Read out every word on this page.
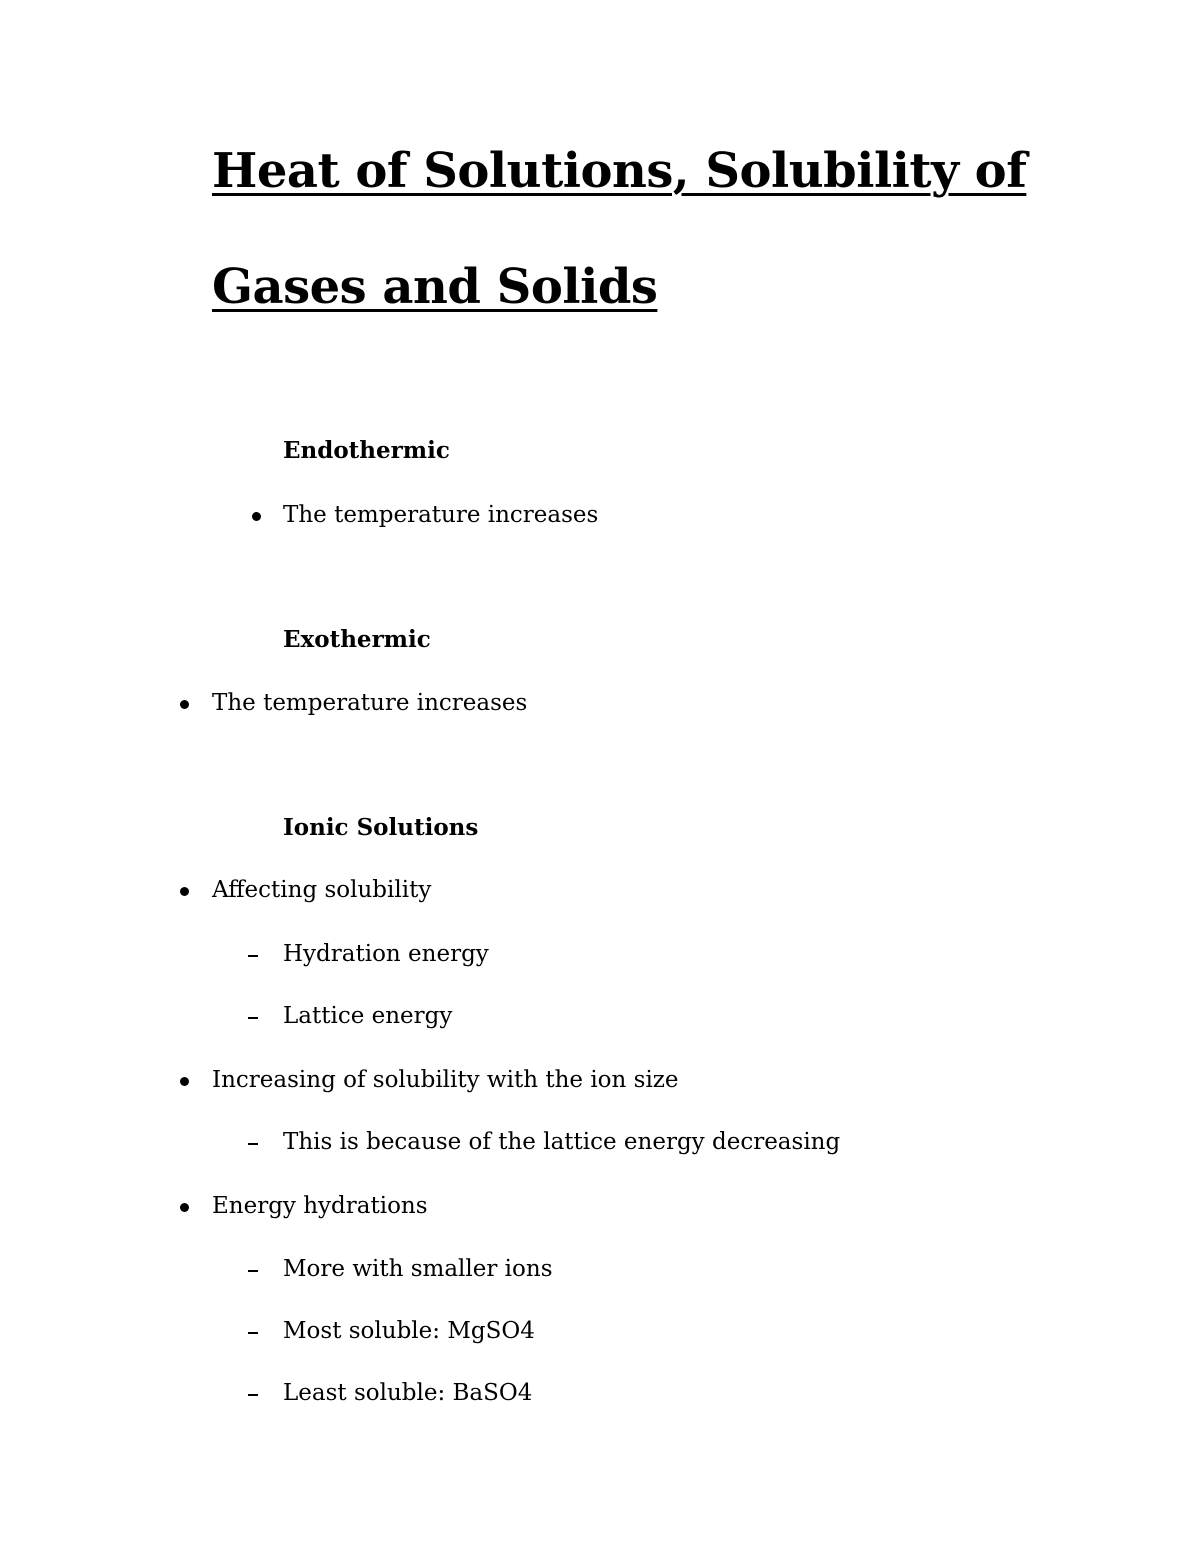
Heat of Solutions, Solubility of
Gases and Solids
Endothermic

The temperature increases

Exothermic

The temperature increases

Ionic Solutions

Affecting solubility

Hydration energy

Lattice energy

Increasing of solubility with the ion size

This is because of the lattice energy decreasing

Energy hydrations

More with smaller ions

Most soluble: MgSO4

Least soluble: BaSO4
